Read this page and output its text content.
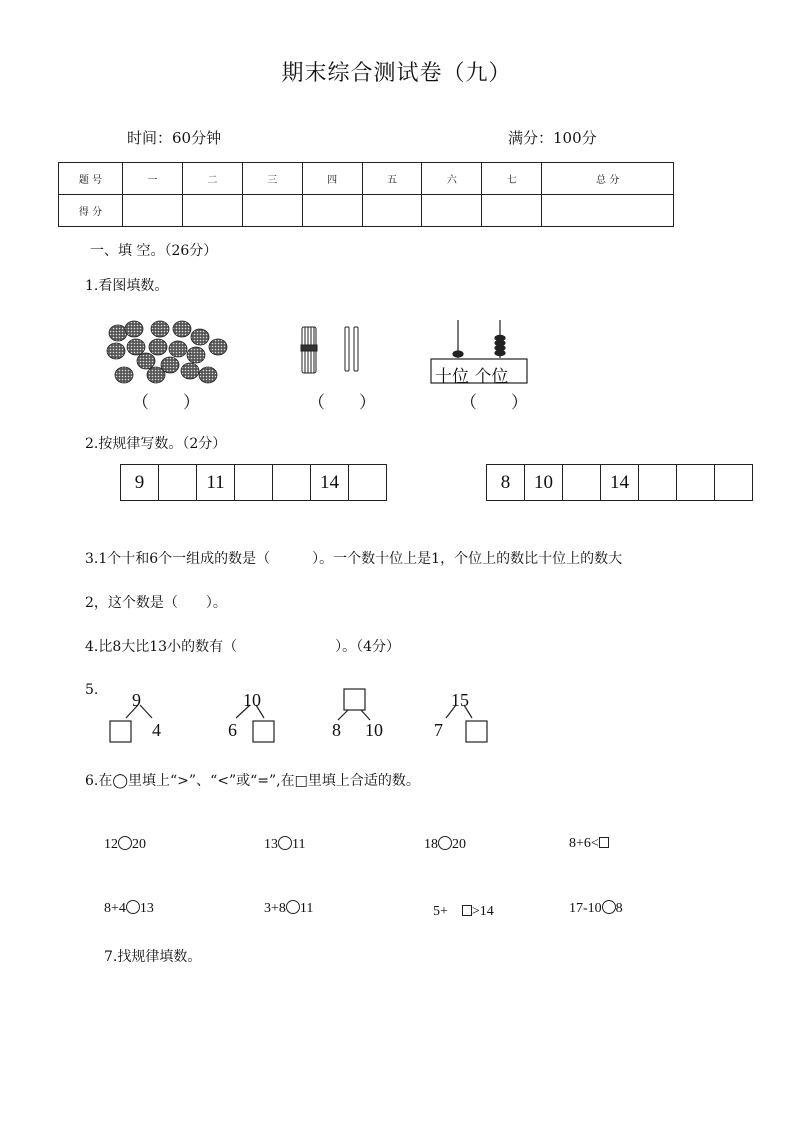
期末综合测试卷（九）
时间：60分钟	满分：100分
题 号	一	二	三	四	五	六	七	总 分
得 分								
一、填 空。（26分）
1.看图填数。
（　　）	（　　）
十位 个位
（　　）
2.按规律写数。（2分）
9		11			14		8	10		14			
3.1个十和6个一组成的数是（　　　）。一个数十位上是1，个位上的数比十位上的数大
2，这个数是（　　）。
4.比8大比13小的数有（　　　　　　　）。（4分）
5. 9
4
10
6	8 10
15
7
6.在◯里填上“>”、“<”或“=”,在□里填上合适的数。
12 20	13 11	18 20	8+6<
8+4 13	3+8 11	5+　>14	17-10 8
7.找规律填数。
